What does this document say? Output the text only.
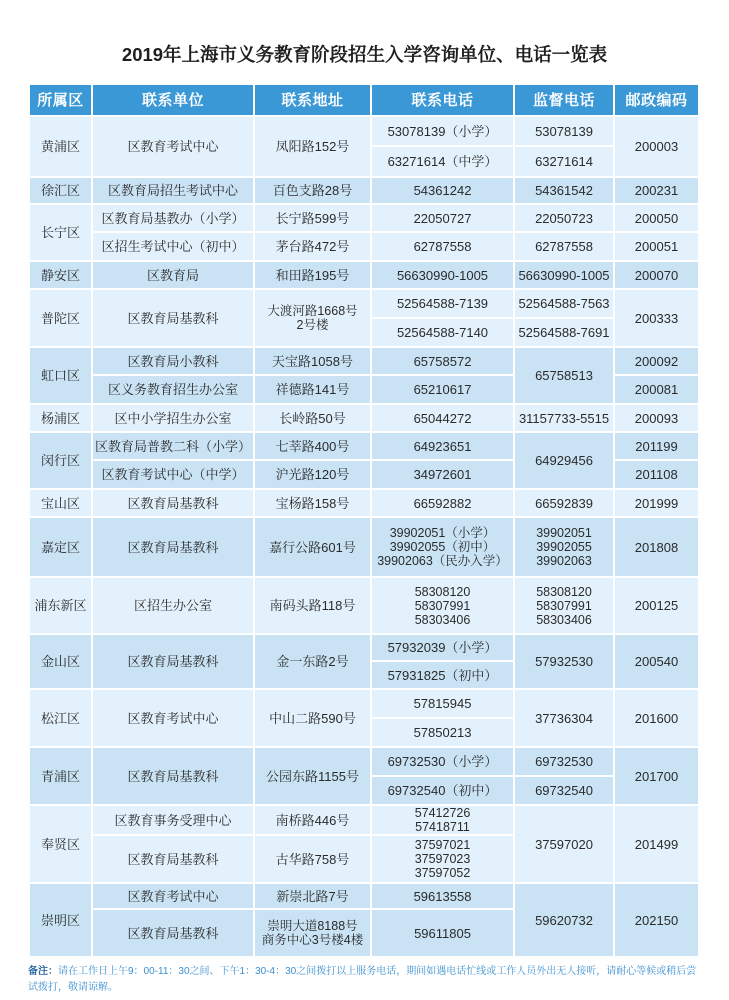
2019年上海市义务教育阶段招生入学咨询单位、电话一览表
所属区	联系单位	联系地址	联系电话	监督电话	邮政编码
黄浦区	区教育考试中心	凤阳路152号	53078139（小学）	53078139	200003
			63271614（中学）	63271614	
徐汇区	区教育局招生考试中心	百色支路28号	54361242	54361542	200231
长宁区	区教育局基教办（小学）	长宁路599号	22050727	22050723	200050
	区招生考试中心（初中）	茅台路472号	62787558	62787558	200051
静安区	区教育局	和田路195号	56630990-1005	56630990-1005	200070
普陀区	区教育局基教科	大渡河路1668号
2号楼	52564588-7139	52564588-7563	200333
			52564588-7140	52564588-7691	
虹口区	区教育局小教科	天宝路1058号	65758572	65758513	200092
	区义务教育招生办公室	祥德路141号	65210617		200081
杨浦区	区中小学招生办公室	长岭路50号	65044272	31157733-5515	200093
闵行区	区教育局普教二科（小学）	七莘路400号	64923651	64929456	201199
	区教育考试中心（中学）	沪光路120号	34972601		201108
宝山区	区教育局基教科	宝杨路158号	66592882	66592839	201999
嘉定区	区教育局基教科	嘉行公路601号	39902051（小学）
39902055（初中）
39902063（民办入学）	39902051
39902055
39902063	201808
浦东新区	区招生办公室	南码头路118号	58308120
58307991
58303406	58308120
58307991
58303406	200125
金山区	区教育局基教科	金一东路2号	57932039（小学）	57932530	200540
			57931825（初中）		
松江区	区教育考试中心	中山二路590号	57815945	37736304	201600
			57850213		
青浦区	区教育局基教科	公园东路1155号	69732530（小学）	69732530	201700
			69732540（初中）	69732540	
奉贤区	区教育事务受理中心	南桥路446号	57412726
57418711	37597020	201499
	区教育局基教科	古华路758号	37597021
37597023
37597052		

崇明区	区教育考试中心	新崇北路7号	59613558	59620732	202150
	区教育局基教科	崇明大道8188号
商务中心3号楼4楼	59611805		
备注：请在工作日上午9：00-11：30之间、下午1：30-4：30之间拨打以上服务电话，期间如遇电话忙线或工作人员外出无人接听，请耐心等候或稍后尝试拨打，敬请谅解。
